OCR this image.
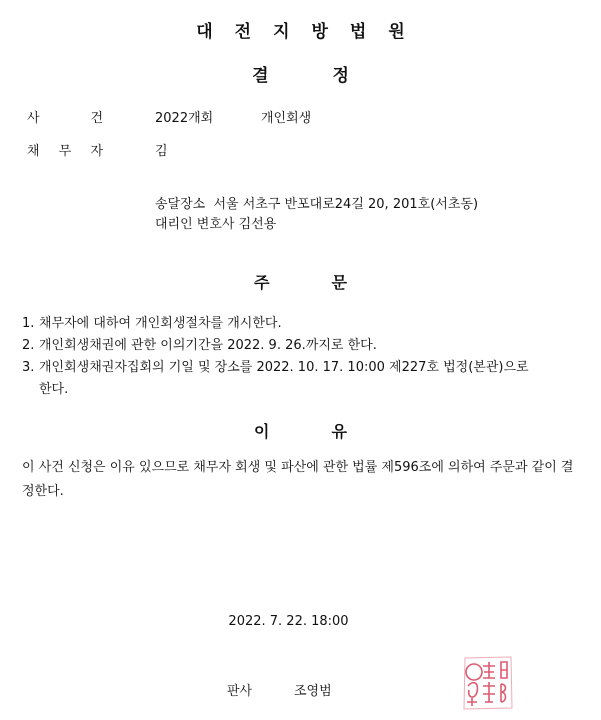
대전지방법원
결정
사	건	2022개회	개인회생
채 무 자	김
송달장소  서울 서초구 반포대로24길 20, 201호(서초동)
대리인 변호사 김선용
주문
1. 채무자에 대하여 개인회생절차를 개시한다.
2. 개인회생채권에 관한 이의기간을 2022. 9. 26.까지로 한다.
3. 개인회생채권자집회의 기일 및 장소를 2022. 10. 17. 10:00 제227호 법정(본관)으로
한다.
이유
이 사건 신청은 이유 있으므로 채무자 회생 및 파산에 관한 법률 제596조에 의하여 주문과 같이 결정한다.
2022. 7. 22. 18:00
판사	조영범
